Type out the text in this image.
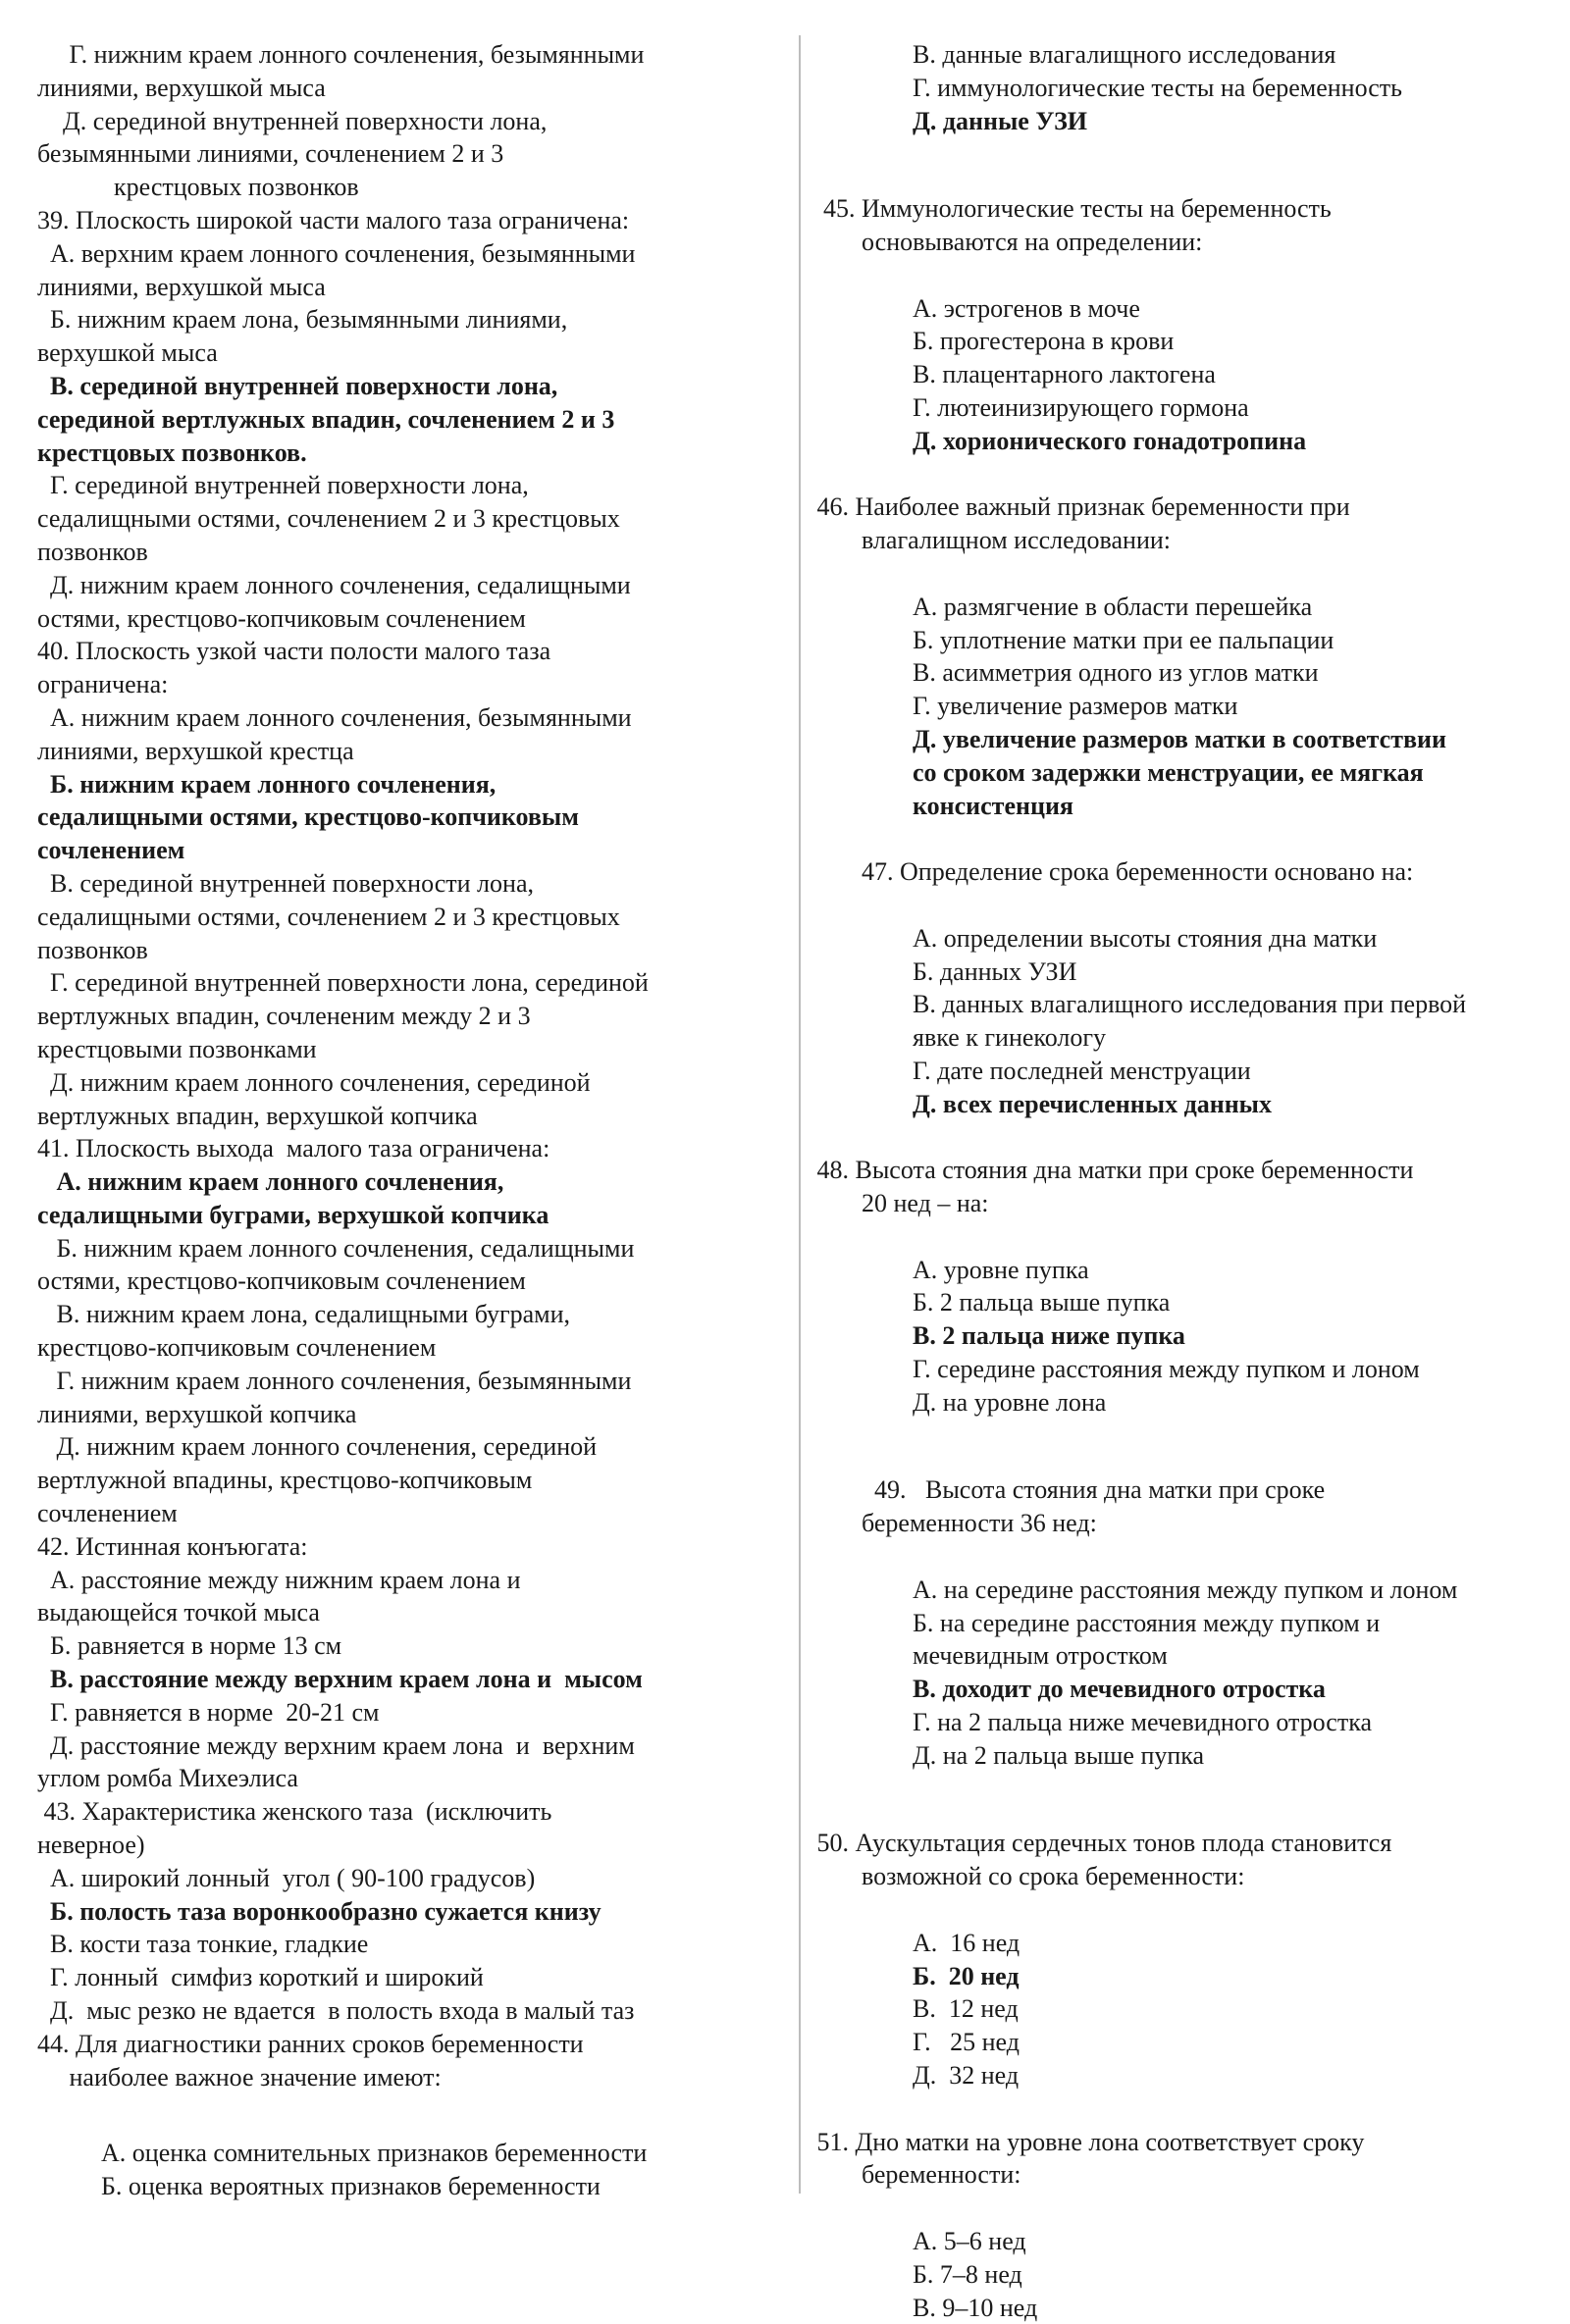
Г. нижним краем лонного сочленения, безымянными
линиями, верхушкой мыса
Д. серединой внутренней поверхности лона,
безымянными линиями, сочленением 2 и 3
крестцовых позвонков
39. Плоскость широкой части малого таза ограничена:
А. верхним краем лонного сочленения, безымянными
линиями, верхушкой мыса
Б. нижним краем лона, безымянными линиями,
верхушкой мыса
В. серединой внутренней поверхности лона,
серединой вертлужных впадин, сочленением 2 и 3
крестцовых позвонков.
Г. серединой внутренней поверхности лона,
седалищными остями, сочленением 2 и 3 крестцовых
позвонков
Д. нижним краем лонного сочленения, седалищными
остями, крестцово-копчиковым сочленением
40. Плоскость узкой части полости малого таза
ограничена:
А. нижним краем лонного сочленения, безымянными
линиями, верхушкой крестца
Б. нижним краем лонного сочленения,
седалищными остями, крестцово-копчиковым
сочленением
В. серединой внутренней поверхности лона,
седалищными остями, сочленением 2 и 3 крестцовых
позвонков
Г. серединой внутренней поверхности лона, серединой
вертлужных впадин, сочлененим между 2 и 3
крестцовыми позвонками
Д. нижним краем лонного сочленения, серединой
вертлужных впадин, верхушкой копчика
41. Плоскость выхода  малого таза ограничена:
А. нижним краем лонного сочленения,
седалищными буграми, верхушкой копчика
Б. нижним краем лонного сочленения, седалищными
остями, крестцово-копчиковым сочленением
В. нижним краем лона, седалищными буграми,
крестцово-копчиковым сочленением
Г. нижним краем лонного сочленения, безымянными
линиями, верхушкой копчика
Д. нижним краем лонного сочленения, серединой
вертлужной впадины, крестцово-копчиковым
сочленением
42. Истинная конъюгата:
А. расстояние между нижним краем лона и
выдающейся точкой мыса
Б. равняется в норме 13 см
В. расстояние между верхним краем лона и  мысом
Г. равняется в норме  20-21 см
Д. расстояние между верхним краем лона  и  верхним
углом ромба Михеэлиса
43. Характеристика женского таза  (исключить
неверное)
А. широкий лонный  угол ( 90-100 градусов)
Б. полость таза воронкообразно сужается книзу
В. кости таза тонкие, гладкие
Г. лонный  симфиз короткий и широкий
Д.  мыс резко не вдается  в полость входа в малый таз
44. Для диагностики ранних сроков беременности
наиболее важное значение имеют:
А. оценка сомнительных признаков беременности
Б. оценка вероятных признаков беременности
В. данные влагалищного исследования
Г. иммунологические тесты на беременность
Д. данные УЗИ
45. Иммунологические тесты на беременность
основываются на определении:
А. эстрогенов в моче
Б. прогестерона в крови
В. плацентарного лактогена
Г. лютеинизирующего гормона
Д. хорионического гонадотропина
46. Наиболее важный признак беременности при
влагалищном исследовании:
А. размягчение в области перешейка
Б. уплотнение матки при ее пальпации
В. асимметрия одного из углов матки
Г. увеличение размеров матки
Д. увеличение размеров матки в соответствии
со сроком задержки менструации, ее мягкая
консистенция
47. Определение срока беременности основано на:
А. определении высоты стояния дна матки
Б. данных УЗИ
В. данных влагалищного исследования при первой
явке к гинекологу
Г. дате последней менструации
Д. всех перечисленных данных
48. Высота стояния дна матки при сроке беременности
20 нед – на:
А. уровне пупка
Б. 2 пальца выше пупка
В. 2 пальца ниже пупка
Г. середине расстояния между пупком и лоном
Д. на уровне лона
49.   Высота стояния дна матки при сроке
беременности 36 нед:
А. на середине расстояния между пупком и лоном
Б. на середине расстояния между пупком и
мечевидным отростком
В. доходит до мечевидного отростка
Г. на 2 пальца ниже мечевидного отростка
Д. на 2 пальца выше пупка
50. Аускультация сердечных тонов плода становится
возможной со срока беременности:
А.  16 нед
Б.  20 нед
В.  12 нед
Г.   25 нед
Д.  32 нед
51. Дно матки на уровне лона соответствует сроку
беременности:
А. 5–6 нед
Б. 7–8 нед
В. 9–10 нед
